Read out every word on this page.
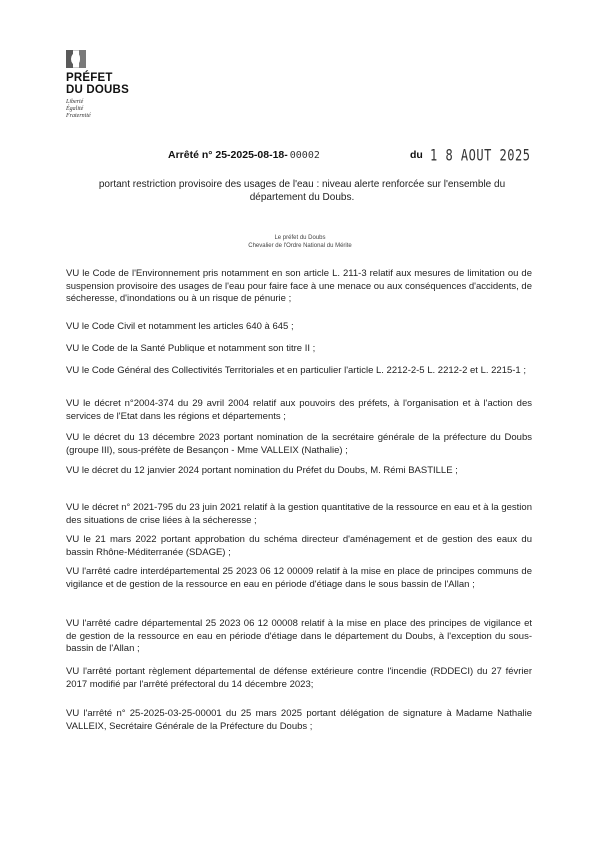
PRÉFET
DU DOUBS
Liberté
Égalité
Fraternité
Arrêté n° 25-2025-08-18- 00002	du 1 8 AOUT 2025
portant restriction provisoire des usages de l'eau : niveau alerte renforcée sur l'ensemble du département du Doubs.
Le préfet du Doubs
Chevalier de l'Ordre National du Mérite
VU le Code de l'Environnement pris notamment en son article L. 211-3 relatif aux mesures de limitation ou de suspension provisoire des usages de l'eau pour faire face à une menace ou aux conséquences d'accidents, de sécheresse, d'inondations ou à un risque de pénurie ;
VU le Code Civil et notamment les articles 640 à 645 ;
VU le Code de la Santé Publique et notamment son titre II ;
VU le Code Général des Collectivités Territoriales et en particulier l'article L. 2212-2-5 L. 2212-2 et L. 2215-1 ;
VU le décret n°2004-374 du 29 avril 2004 relatif aux pouvoirs des préfets, à l'organisation et à l'action des services de l'Etat dans les régions et départements ;
VU le décret du 13 décembre 2023 portant nomination de la secrétaire générale de la préfecture du Doubs (groupe III), sous-préfète de Besançon - Mme VALLEIX (Nathalie) ;
VU le décret du 12 janvier 2024 portant nomination du Préfet du Doubs, M. Rémi BASTILLE ;
VU le décret n° 2021-795 du 23 juin 2021 relatif à la gestion quantitative de la ressource en eau et à la gestion des situations de crise liées à la sécheresse ;
VU le 21 mars 2022 portant approbation du schéma directeur d'aménagement et de gestion des eaux du bassin Rhône-Méditerranée (SDAGE) ;
VU l'arrêté cadre interdépartemental 25 2023 06 12 00009 relatif à la mise en place de principes communs de vigilance et de gestion de la ressource en eau en période d'étiage dans le sous bassin de l'Allan ;
VU l'arrêté cadre départemental 25 2023 06 12 00008 relatif à la mise en place des principes de vigilance et de gestion de la ressource en eau en période d'étiage dans le département du Doubs, à l'exception du sous-bassin de l'Allan ;
VU l'arrêté portant règlement départemental de défense extérieure contre l'incendie (RDDECI) du 27 février 2017 modifié par l'arrêté préfectoral du 14 décembre 2023;
VU l'arrêté n° 25-2025-03-25-00001 du 25 mars 2025 portant délégation de signature à Madame Nathalie VALLEIX, Secrétaire Générale de la Préfecture du Doubs ;
